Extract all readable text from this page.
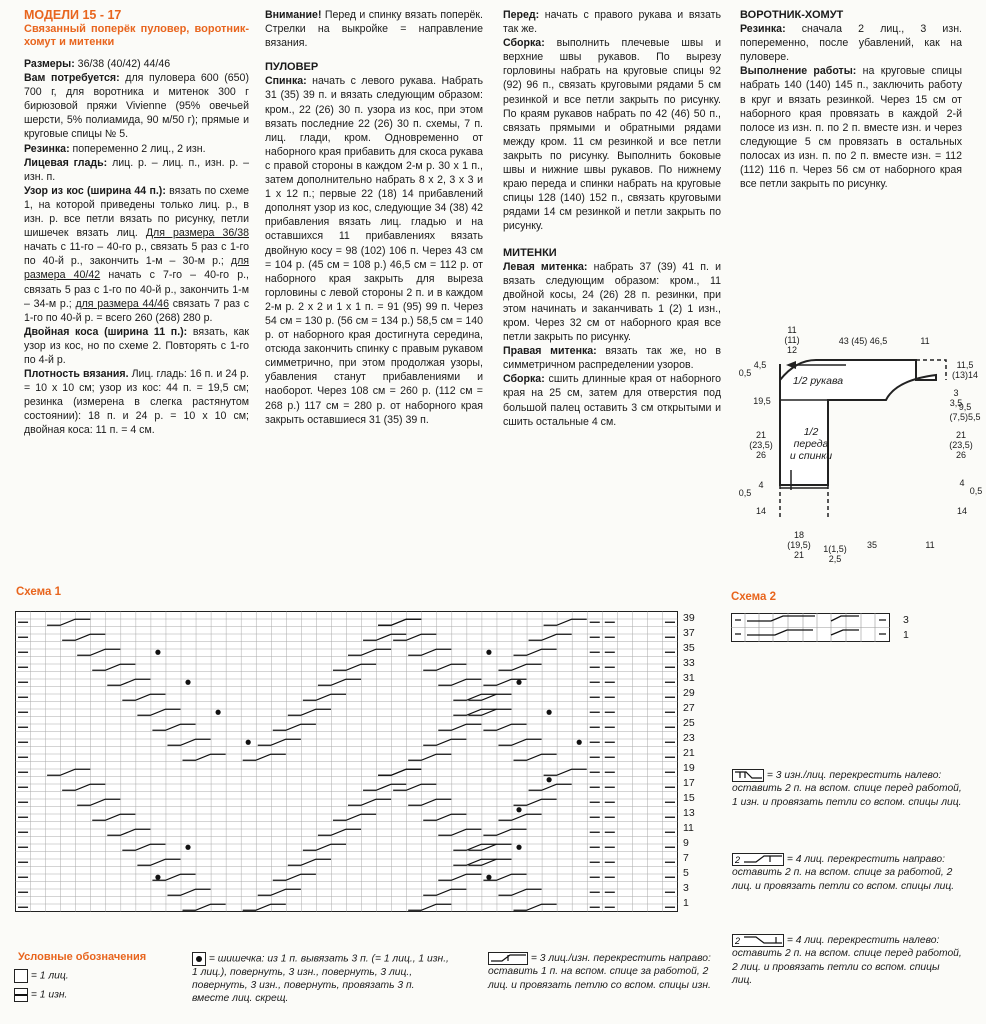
МОДЕЛИ 15 - 17
Связанный поперёк пуловер, воротник-хомут и митенки

Размеры: 36/38 (40/42) 44/46

Вам потребуется: для пуловера 600 (650) 700 г, для воротника и митенок 300 г бирюзовой пряжи Vivienne (95% овечьей шерсти, 5% полиамида, 90 м/50 г); прямые и круговые спицы № 5.

Резинка: попеременно 2 лиц., 2 изн.

Лицевая гладь: лиц. р. – лиц. п., изн. р. – изн. п.

Узор из кос (ширина 44 п.): вязать по схеме 1, на которой приведены только лиц. р., в изн. р. все петли вязать по рисунку, петли шишечек вязать лиц. Для размера 36/38 начать с 11-го – 40-го р., связать 5 раз с 1-го по 40-й р., закончить 1-м – 30-м р.; для размера 40/42 начать с 7-го – 40-го р., связать 5 раз с 1-го по 40-й р., закончить 1-м – 34-м р.; для размера 44/46 связать 7 раз с 1-го по 40-й р. = всего 260 (268) 280 р.

Двойная коса (ширина 11 п.): вязать, как узор из кос, но по схеме 2. Повторять с 1-го по 4-й р.

Плотность вязания. Лиц. гладь: 16 п. и 24 р. = 10 х 10 см; узор из кос: 44 п. = 19,5 см; резинка (измерена в слегка растянутом состоянии): 18 п. и 24 р. = 10 х 10 см; двойная коса: 11 п. = 4 см.

Внимание! Перед и спинку вязать поперёк. Стрелки на выкройке = направление вязания.

ПУЛОВЕР

Спинка: начать с левого рукава. Набрать 31 (35) 39 п. и вязать следующим образом: кром., 22 (26) 30 п. узора из кос, при этом вязать последние 22 (26) 30 п. схемы, 7 п. лиц. глади, кром. Одновременно от наборного края прибавить для скоса рукава с правой стороны в каждом 2-м р. 30 х 1 п., затем дополнительно набрать 8 х 2, 3 х 3 и 1 х 12 п.; первые 22 (18) 14 прибавлений дополнят узор из кос, следующие 34 (38) 42 прибавления вязать лиц. гладью и на оставшихся 11 прибавлениях вязать двойную косу = 98 (102) 106 п. Через 43 см = 104 р. (45 см = 108 р.) 46,5 см = 112 р. от наборного края закрыть для выреза горловины с левой стороны 2 п. и в каждом 2-м р. 2 х 2 и 1 х 1 п. = 91 (95) 99 п. Через 54 см = 130 р. (56 см = 134 р.) 58,5 см = 140 р. от наборного края достигнута середина, отсюда закончить спинку с правым рукавом симметрично, при этом продолжая узоры, убавления станут прибавлениями и наоборот. Через 108 см = 260 р. (112 см = 268 р.) 117 см = 280 р. от наборного края закрыть оставшиеся 31 (35) 39 п.

Перед: начать с правого рукава и вязать так же.

Сборка: выполнить плечевые швы и верхние швы рукавов. По вырезу горловины набрать на круговые спицы 92 (92) 96 п., связать круговыми рядами 5 см резинкой и все петли закрыть по рисунку. По краям рукавов набрать по 42 (46) 50 п., связать прямыми и обратными рядами между кром. 11 см резинкой и все петли закрыть по рисунку. Выполнить боковые швы и нижние швы рукавов. По нижнему краю переда и спинки набрать на круговые спицы 128 (140) 152 п., связать круговыми рядами 14 см резинкой и петли закрыть по рисунку.

МИТЕНКИ

Левая митенка: набрать 37 (39) 41 п. и вязать следующим образом: кром., 11 двойной косы, 24 (26) 28 п. резинки, при этом начинать и заканчивать 1 (2) 1 изн., кром. Через 32 см от наборного края все петли закрыть по рисунку.

Правая митенка: вязать так же, но в симметричном распределении узоров.

Сборка: сшить длинные края от наборного края на 25 см, затем для отверстия под большой палец оставить 3 см открытыми и сшить остальные 4 см.

ВОРОТНИК-ХОМУТ

Резинка: сначала 2 лиц., 3 изн. попеременно, после убавлений, как на пуловере.

Выполнение работы: на круговые спицы набрать 140 (140) 145 п., заключить работу в круг и вязать резинкой. Через 15 см от наборного края провязать в каждой 2-й полосе из изн. п. по 2 п. вместе изн. и через следующие 5 см провязать в остальных полосах из изн. п. по 2 п. вместе изн. = 112 (112) 116 п. Через 56 см от наборного края все петли закрыть по рисунку.

1/2 рукава
1/2
переда
и спинки
43 (45) 46,5
11
(11)
12
11
4,5
0,5
19,5
21
(23,5)
26
4
0,5
14
11,5
(13)14
3
3,5
9,5
(7,5)5,5
21
(23,5)
26
4
0,5
14
18
(19,5)
21
1(1,5)
2,5
35	11
Схема 1
39
37
35
33
31
29
27
25
23
21
19
17
15
13
11
9
7
5
3
1
Схема 2
3
1
Условные обозначения
= 1 лиц.
= 1 изн.
= шишечка: из 1 п. вывязать 3 п. (= 1 лиц., 1 изн., 1 лиц.), повернуть, 3 изн., повернуть, 3 лиц., повернуть, 3 изн., повернуть, провязать 3 п. вместе лиц. скрещ.
= 3 лиц./изн. перекрестить направо: оставить 1 п. на вспом. спице за работой, 2 лиц. и провязать петлю со вспом. спицы изн.
= 3 изн./лиц. перекрестить налево: оставить 2 п. на вспом. спице перед работой, 1 изн. и провязать петли со вспом. спицы лиц.
2	= 4 лиц. перекрестить направо: оставить 2 п. на вспом. спице за работой, 2 лиц. и провязать петли со вспом. спицы лиц.
2	= 4 лиц. перекрестить налево: оставить 2 п. на вспом. спице перед работой, 2 лиц. и провязать петли со вспом. спицы лиц.
